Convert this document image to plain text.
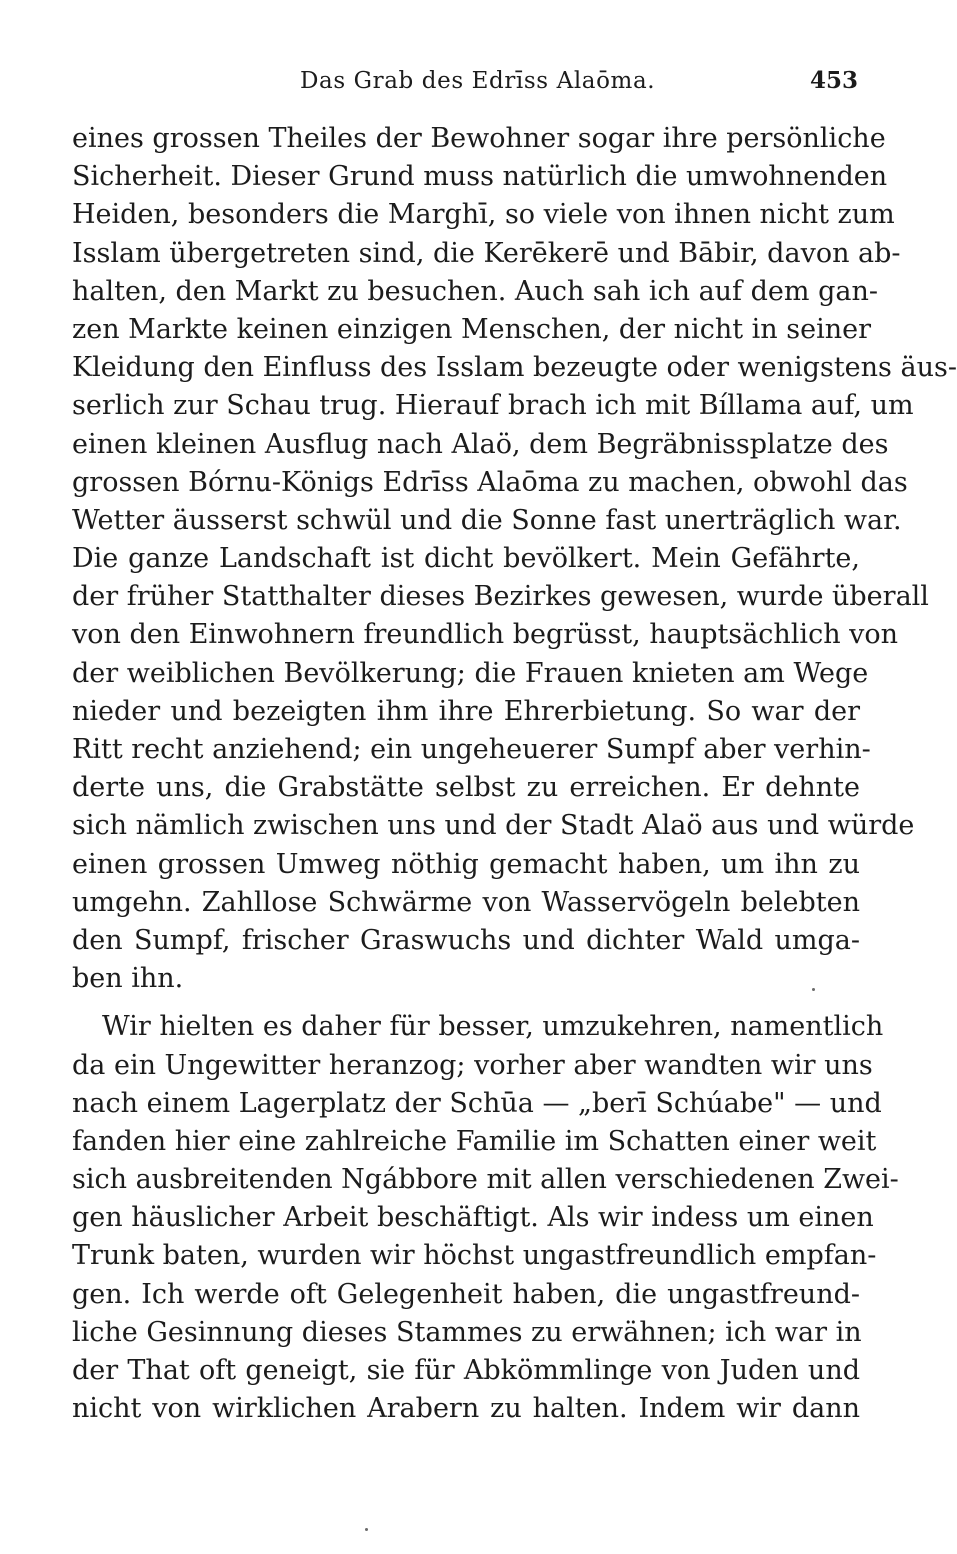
Das Grab des Edrīss Alaōma.	453
eines grossen Theiles der Bewohner sogar ihre persönliche
Sicherheit. Dieser Grund muss natürlich die umwohnenden
Heiden, besonders die Marghī, so viele von ihnen nicht zum
Isslam übergetreten sind, die Kerēkerē und Bābir, davon ab-
halten, den Markt zu besuchen. Auch sah ich auf dem gan-
zen Markte keinen einzigen Menschen, der nicht in seiner
Kleidung den Einfluss des Isslam bezeugte oder wenigstens äus-
serlich zur Schau trug. Hierauf brach ich mit Bíllama auf, um
einen kleinen Ausflug nach Alaö, dem Begräbnissplatze des
grossen Bórnu-Königs Edrīss Alaōma zu machen, obwohl das
Wetter äusserst schwül und die Sonne fast unerträglich war.
Die ganze Landschaft ist dicht bevölkert. Mein Gefährte,
der früher Statthalter dieses Bezirkes gewesen, wurde überall
von den Einwohnern freundlich begrüsst, hauptsächlich von
der weiblichen Bevölkerung; die Frauen knieten am Wege
nieder und bezeigten ihm ihre Ehrerbietung. So war der
Ritt recht anziehend; ein ungeheuerer Sumpf aber verhin-
derte uns, die Grabstätte selbst zu erreichen. Er dehnte
sich nämlich zwischen uns und der Stadt Alaö aus und würde
einen grossen Umweg nöthig gemacht haben, um ihn zu
umgehn. Zahllose Schwärme von Wasservögeln belebten
den Sumpf, frischer Graswuchs und dichter Wald umga-
ben ihn.
Wir hielten es daher für besser, umzukehren, namentlich
da ein Ungewitter heranzog; vorher aber wandten wir uns
nach einem Lagerplatz der Schūa — „berī Schúabe" — und
fanden hier eine zahlreiche Familie im Schatten einer weit
sich ausbreitenden Ngábbore mit allen verschiedenen Zwei-
gen häuslicher Arbeit beschäftigt. Als wir indess um einen
Trunk baten, wurden wir höchst ungastfreundlich empfan-
gen. Ich werde oft Gelegenheit haben, die ungastfreund-
liche Gesinnung dieses Stammes zu erwähnen; ich war in
der That oft geneigt, sie für Abkömmlinge von Juden und
nicht von wirklichen Arabern zu halten. Indem wir dann
